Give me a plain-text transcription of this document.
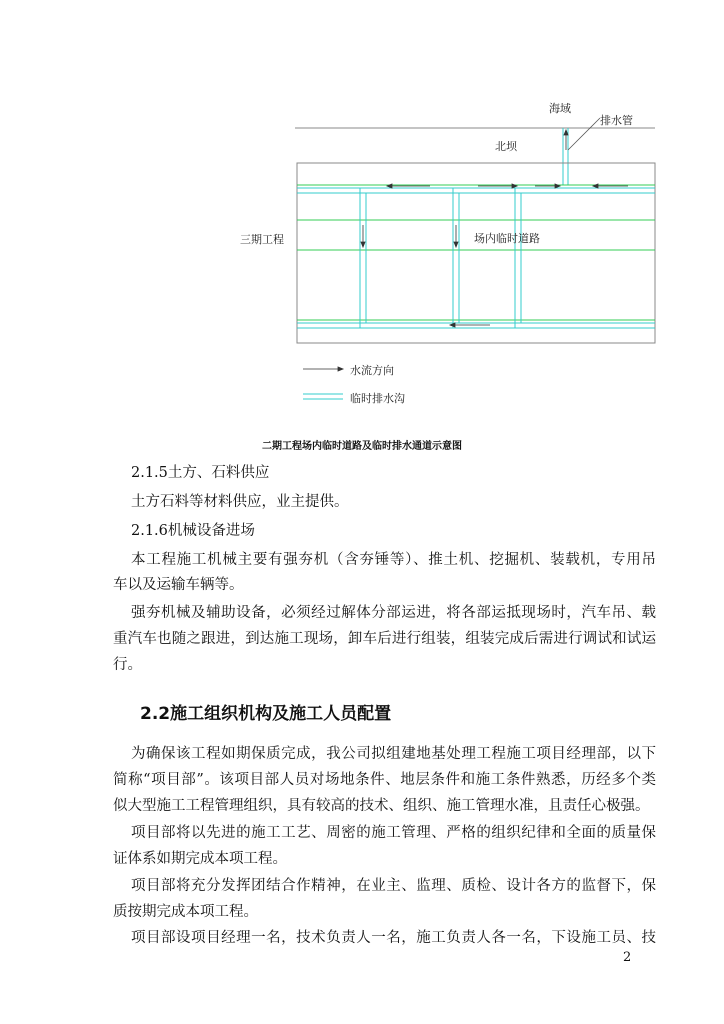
海域
排水管
北坝
三期工程	场内临时道路
水流方向
临时排水沟
二期工程场内临时道路及临时排水通道示意图
2.1.5土方、石料供应
土方石料等材料供应，业主提供。
2.1.6机械设备进场
本工程施工机械主要有强夯机（含夯锤等）、推土机、挖掘机、装载机，专用吊
车以及运输车辆等。
强夯机械及辅助设备，必须经过解体分部运进，将各部运抵现场时，汽车吊、载
重汽车也随之跟进，到达施工现场，卸车后进行组装，组装完成后需进行调试和试运
行。
2.2施工组织机构及施工人员配置
为确保该工程如期保质完成，我公司拟组建地基处理工程施工项目经理部，以下
简称“项目部”。该项目部人员对场地条件、地层条件和施工条件熟悉，历经多个类
似大型施工工程管理组织，具有较高的技术、组织、施工管理水准，且责任心极强。
项目部将以先进的施工工艺、周密的施工管理、严格的组织纪律和全面的质量保
证体系如期完成本项工程。
项目部将充分发挥团结合作精神，在业主、监理、质检、设计各方的监督下，保
质按期完成本项工程。
项目部设项目经理一名，技术负责人一名，施工负责人各一名，下设施工员、技
2
